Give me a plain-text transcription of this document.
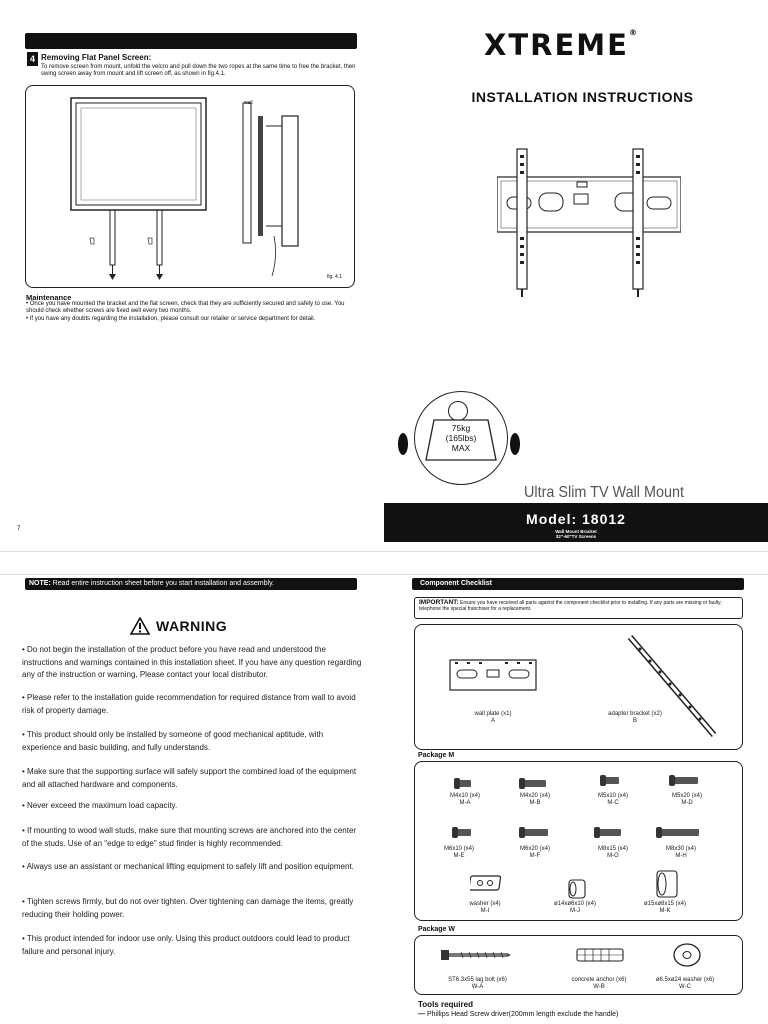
4 Removing Flat Panel Screen:
To remove screen from mount, unfold the velcro and pull down the two ropes at the same time to free the bracket, then swing screen away from mount and lift screen off, as shown in fig.4.1.
wall
fig. 4.1
Maintenance
• Once you have mounted the bracket and the flat screen, check that they are sufficiently secured and safely to use. You should check whether screws are fixed well every two months.
• If you have any doubts regarding the installation, please consult our retailer or service department for detail.
7
XTREME®
INSTALLATION INSTRUCTIONS
75kg
(165lbs)
MAX
Ultra Slim TV Wall Mount
Model: 18012
Wall Mount Bracket
32"-60"TV Screens
NOTE: Read entire instruction sheet before you start installation and assembly.
WARNING
• Do not begin the installation of the product before you have read and understood the instructions and warnings contained in this installation sheet. If you have any question regarding any of the instruction or warning, Please contact your local distributor.
• Please refer to the installation guide recommendation for required distance from wall to avoid risk of property damage.
• This product should only be installed by someone of good mechanical aptitude, with experience and basic building, and fully understands.
• Make sure that the supporting surface will safely support the combined load of the equipment and all attached hardware and components.
• Never exceed the maximum load capacity.
• If mounting to wood wall studs, make sure that mounting screws are anchored into the center of the studs. Use of an "edge to edge" stud finder is highly recommended.
• Always use an assistant or mechanical lifting equipment to safely lift and position equipment.
• Tighten screws firmly, but do not over tighten. Over tightening can damage the items, greatly reducing their holding power.
• This product intended for indoor use only. Using this product outdoors could lead to product failure and personal injury.
Component Checklist
IMPORTANT: Ensure you have received all parts against the component checklist prior to installing. If any parts are missing or faulty, telephone the special franchiser for a replacement.
wall plate (x1)
A
adapter bracket (x2)
B
Package M
M4x10 (x4)
M-A
M4x20 (x4)
M-B
M5x10 (x4)
M-C
M5x20 (x4)
M-D
M6x10 (x4)
M-E
M6x20 (x4)
M-F
M8x15 (x4)
M-G
M8x30 (x4)
M-H
washer (x4)
M-I
ø14xø6x10 (x4)
M-J
ø15xø8x15 (x4)
M-K
Package W
ST6.3x55 lag bolt (x6)
W-A
concrete anchor (x6)
W-B
ø6.5xø24 washer (x6)
W-C
Tools required
— Phillips Head Screw driver(200mm length exclude the handle)
